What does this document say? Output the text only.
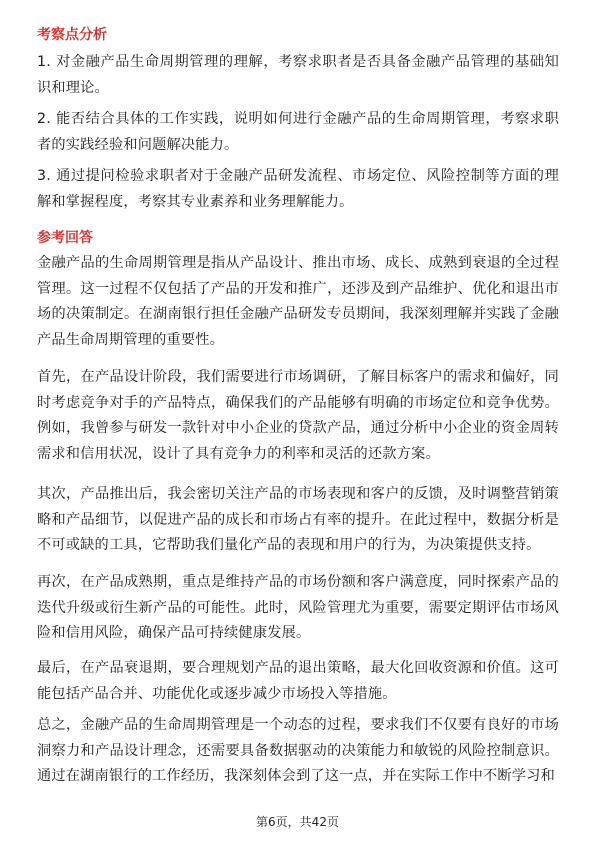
考察点分析

1. 对金融产品生命周期管理的理解，考察求职者是否具备金融产品管理的基础知识和理论。

2. 能否结合具体的工作实践，说明如何进行金融产品的生命周期管理，考察求职者的实践经验和问题解决能力。

3. 通过提问检验求职者对于金融产品研发流程、市场定位、风险控制等方面的理解和掌握程度，考察其专业素养和业务理解能力。

参考回答

金融产品的生命周期管理是指从产品设计、推出市场、成长、成熟到衰退的全过程管理。这一过程不仅包括了产品的开发和推广，还涉及到产品维护、优化和退出市场的决策制定。在湖南银行担任金融产品研发专员期间，我深刻理解并实践了金融产品生命周期管理的重要性。

首先，在产品设计阶段，我们需要进行市场调研，了解目标客户的需求和偏好，同时考虑竞争对手的产品特点，确保我们的产品能够有明确的市场定位和竞争优势。例如，我曾参与研发一款针对中小企业的贷款产品，通过分析中小企业的资金周转需求和信用状况，设计了具有竞争力的利率和灵活的还款方案。

其次，产品推出后，我会密切关注产品的市场表现和客户的反馈，及时调整营销策略和产品细节，以促进产品的成长和市场占有率的提升。在此过程中，数据分析是不可或缺的工具，它帮助我们量化产品的表现和用户的行为，为决策提供支持。

再次，在产品成熟期，重点是维持产品的市场份额和客户满意度，同时探索产品的迭代升级或衍生新产品的可能性。此时，风险管理尤为重要，需要定期评估市场风险和信用风险，确保产品可持续健康发展。

最后，在产品衰退期，要合理规划产品的退出策略，最大化回收资源和价值。这可能包括产品合并、功能优化或逐步减少市场投入等措施。

总之，金融产品的生命周期管理是一个动态的过程，要求我们不仅要有良好的市场洞察力和产品设计理念，还需要具备数据驱动的决策能力和敏锐的风险控制意识。通过在湖南银行的工作经历，我深刻体会到了这一点，并在实际工作中不断学习和

第6页，共42页
